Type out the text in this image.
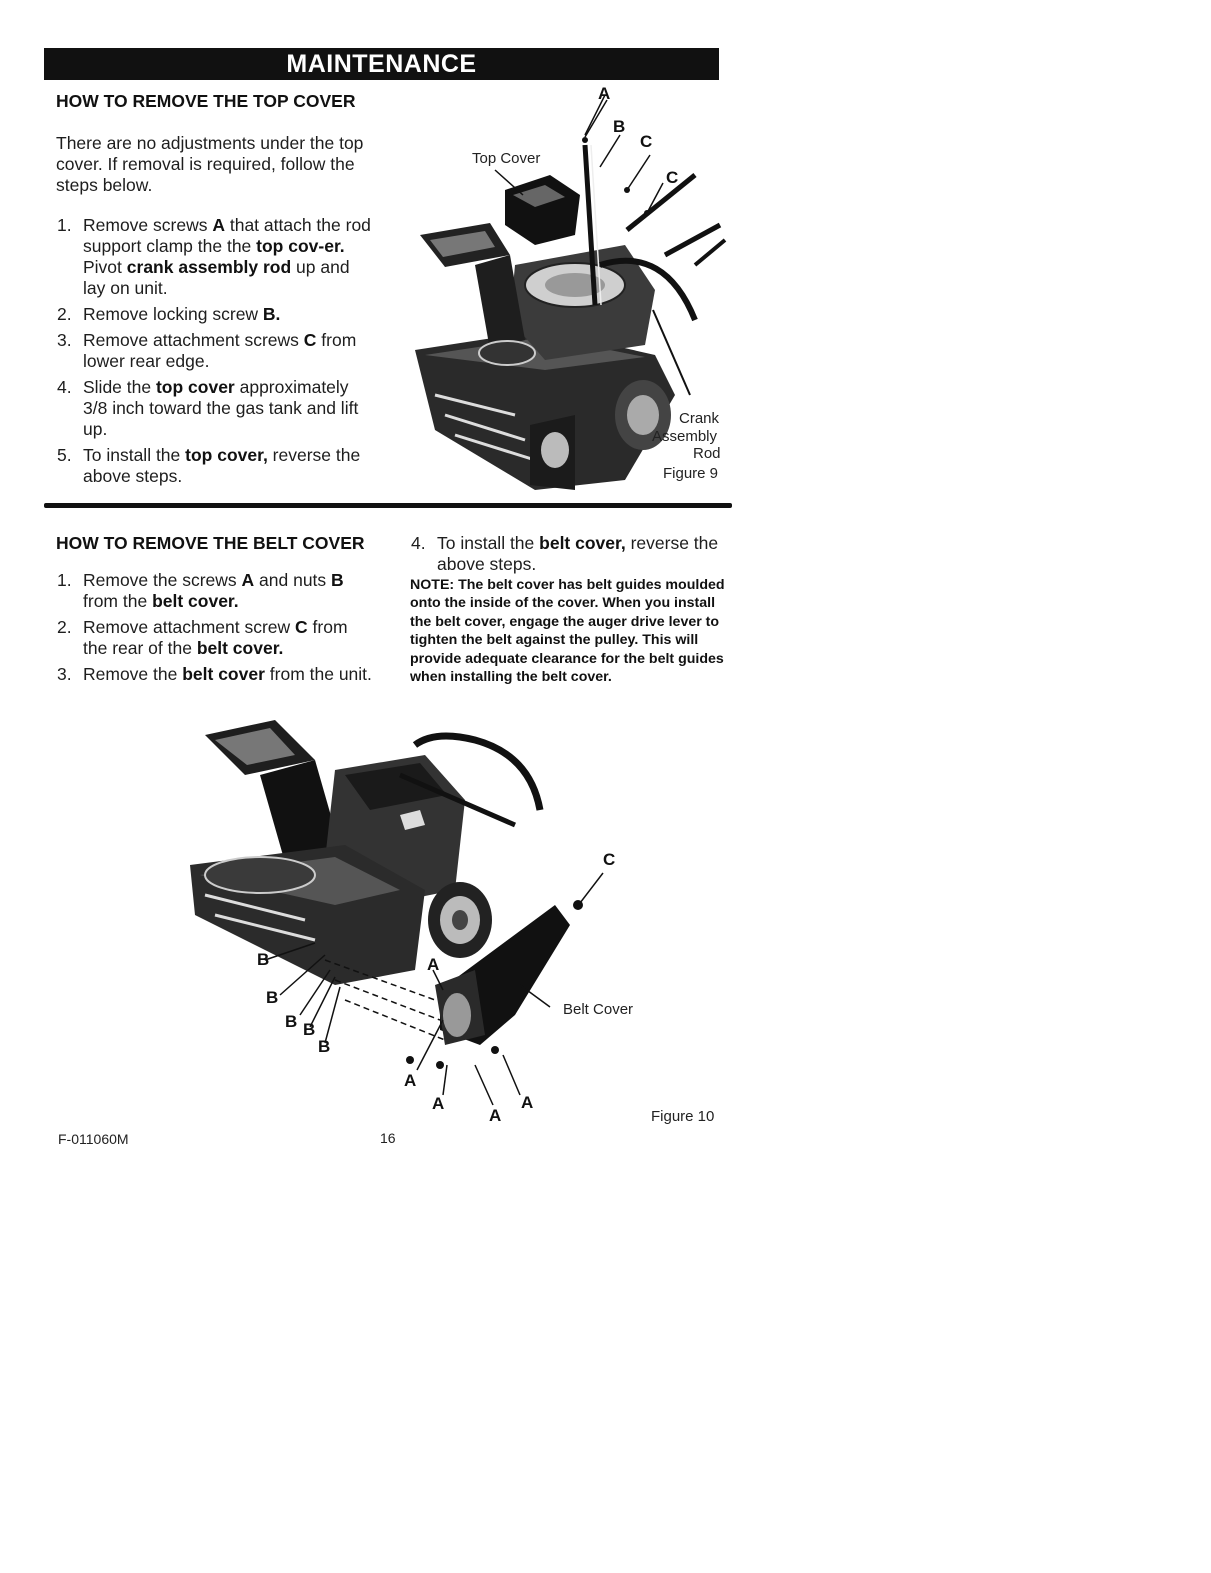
MAINTENANCE
HOW TO REMOVE THE TOP COVER
There are no adjustments under the top cover. If removal is required, follow the steps below.
1. Remove screws A that attach the rod support clamp the the top cov-er. Pivot crank assembly rod up and lay on unit.
2. Remove locking screw B.
3. Remove attachment screws C from lower rear edge.
4. Slide the top cover approximately 3/8 inch toward the gas tank and lift up.
5. To install the top cover, reverse the above steps.
A
B
C
C
Top Cover
Crank
Assembly
Rod
Figure 9
HOW TO REMOVE THE BELT COVER
1. Remove the screws A and nuts B from the belt cover.
2. Remove attachment screw C from the rear of the belt cover.
3. Remove the belt cover from the unit.
4. To install the belt cover, reverse the above steps.
NOTE: The belt cover has belt guides moulded onto the inside of the cover. When you install the belt cover, engage the auger drive lever to tighten the belt against the pulley. This will provide adequate clearance for the belt guides when installing the belt cover.
C
Belt Cover
B
B
B B
B
A
A
A
A
A
Figure 10
F-011060M	16
